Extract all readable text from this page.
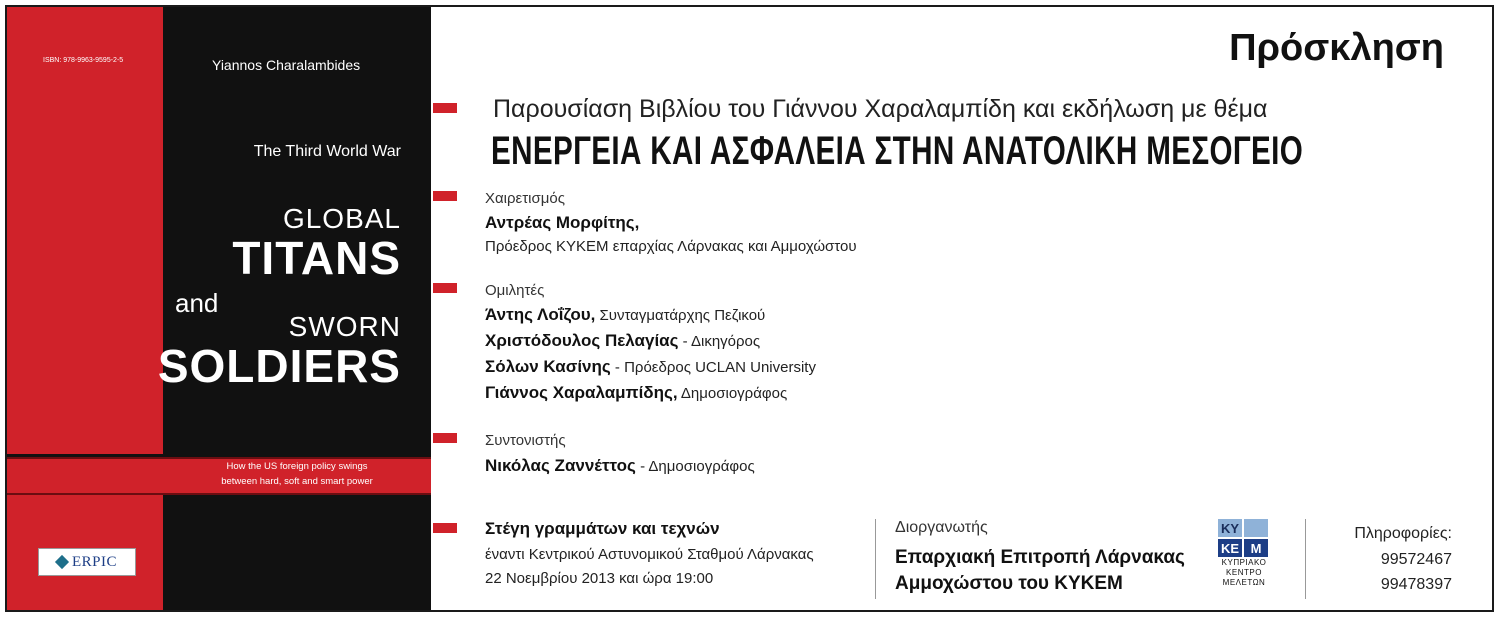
ISBN: 978-9963-9595-2-5	Yiannos Charalambides
The Third World War
GLOBAL
TITANS
and
SWORN
SOLDIERS
How the US foreign policy swings
between hard, soft and smart power
ERPIC
Πρόσκληση
Παρουσίαση Βιβλίου του Γιάννου Χαραλαμπίδη και εκδήλωση με θέμα
ΕΝΕΡΓΕΙΑ ΚΑΙ ΑΣΦΑΛΕΙΑ ΣΤΗΝ ΑΝΑΤΟΛΙΚΗ ΜΕΣΟΓΕΙΟ
Χαιρετισμός
Αντρέας Μορφίτης,
Πρόεδρος ΚΥΚΕΜ επαρχίας Λάρνακας και Αμμοχώστου
Ομιλητές
Άντης Λοΐζου, Συνταγματάρχης Πεζικού
Χριστόδουλος Πελαγίας - Δικηγόρος
Σόλων Κασίνης - Πρόεδρος UCLAN University
Γιάννος Χαραλαμπίδης, Δημοσιογράφος
Συντονιστής
Νικόλας Ζαννέττος - Δημοσιογράφος
Στέγη γραμμάτων και τεχνών
έναντι Κεντρικού Αστυνομικού Σταθμού Λάρνακας
22 Νοεμβρίου 2013 και ώρα 19:00
Διοργανωτής
Επαρχιακή Επιτροπή Λάρνακας
Αμμοχώστου του ΚΥΚΕΜ
ΚΥ
ΚΕ Μ
ΚΥΠΡΙΑΚΟ
ΚΕΝΤΡΟ
ΜΕΛΕΤΩΝ
Πληροφορίες:
99572467
99478397
